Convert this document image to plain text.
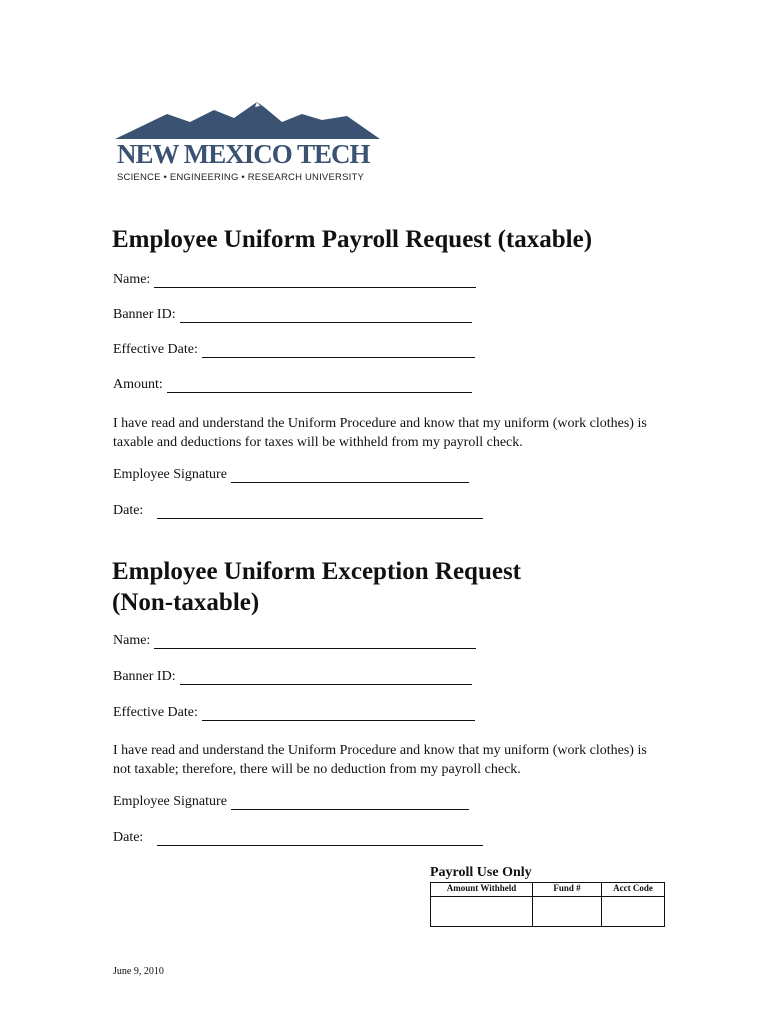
NEW MEXICO TECH
SCIENCE • ENGINEERING • RESEARCH UNIVERSITY
Employee Uniform Payroll Request (taxable)
Name:
Banner ID:
Effective Date:
Amount:

I have read and understand the Uniform Procedure and know that my uniform (work clothes) is taxable and deductions for taxes will be withheld from my payroll check.

Employee Signature
Date:
Employee Uniform Exception Request
(Non-taxable)
Name:
Banner ID:
Effective Date:

I have read and understand the Uniform Procedure and know that my uniform (work clothes) is not taxable; therefore, there will be no deduction from my payroll check.

Employee Signature
Date:
Payroll Use Only
Amount Withheld	Fund #	Acct Code

June 9, 2010
